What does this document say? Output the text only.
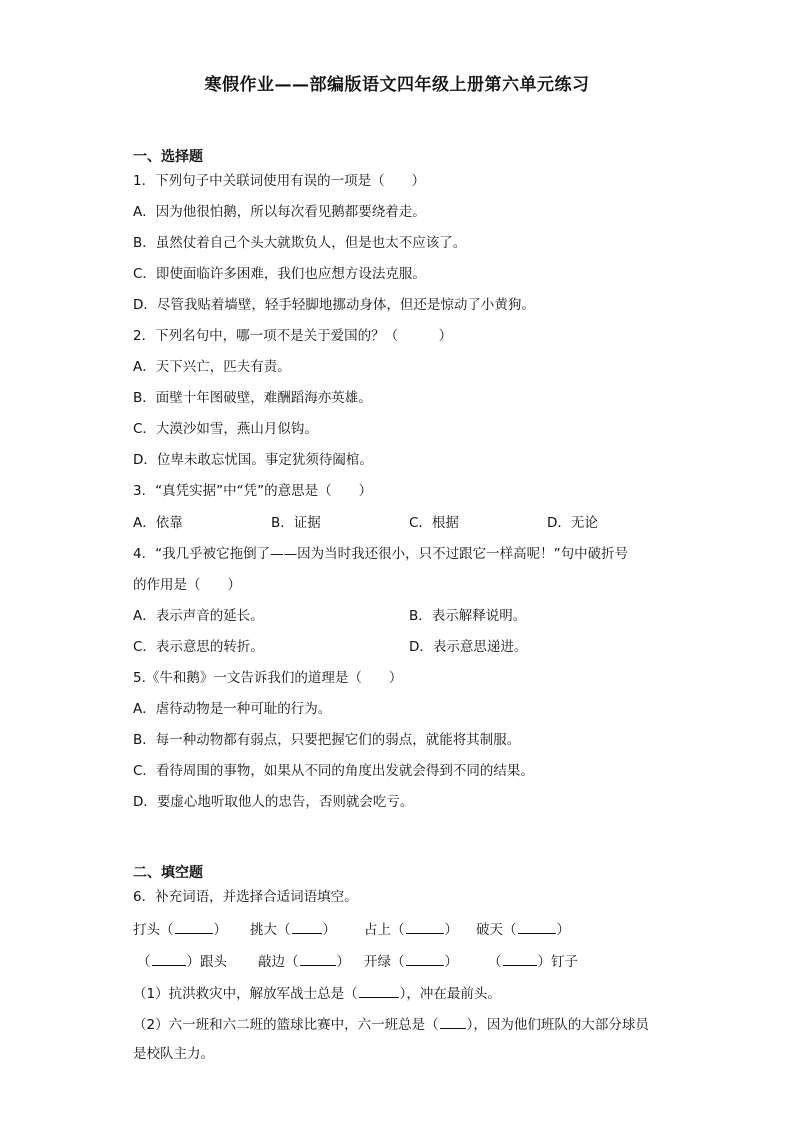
寒假作业——部编版语文四年级上册第六单元练习
一、选择题
1．下列句子中关联词使用有误的一项是（　　）
A．因为他很怕鹅，所以每次看见鹅都要绕着走。
B．虽然仗着自己个头大就欺负人，但是也太不应该了。
C．即使面临许多困难，我们也应想方设法克服。
D．尽管我贴着墙壁，轻手轻脚地挪动身体，但还是惊动了小黄狗。
2．下列名句中，哪一项不是关于爱国的？（　　　）
A．天下兴亡，匹夫有责。
B．面壁十年图破壁，难酬蹈海亦英雄。
C．大漠沙如雪，燕山月似钩。
D．位卑未敢忘忧国。事定犹须待阖棺。
3．“真凭实据”中“凭”的意思是（　　）
A．依靠	B．证据	C．根据	D．无论
4．“我几乎被它拖倒了——因为当时我还很小，只不过跟它一样高呢！”句中破折号
的作用是（　　）
A．表示声音的延长。	B．表示解释说明。
C．表示意思的转折。	D．表示意思递进。
5.《牛和鹅》一文告诉我们的道理是（　　）
A．虐待动物是一种可耻的行为。
B．每一种动物都有弱点，只要把握它们的弱点，就能将其制服。
C．看待周围的事物，如果从不同的角度出发就会得到不同的结果。
D．要虚心地听取他人的忠告，否则就会吃亏。
二、填空题
6．补充词语，并选择合适词语填空。
打头（	） 挑大（ ） 占上（	） 破天（	）
（	）跟头 敲边（	） 开绿（	） （	）钉子
（1）抗洪救灾中，解放军战士总是（	），冲在最前头。
（2）六一班和六二班的篮球比赛中，六一班总是（ ），因为他们班队的大部分球员
是校队主力。
